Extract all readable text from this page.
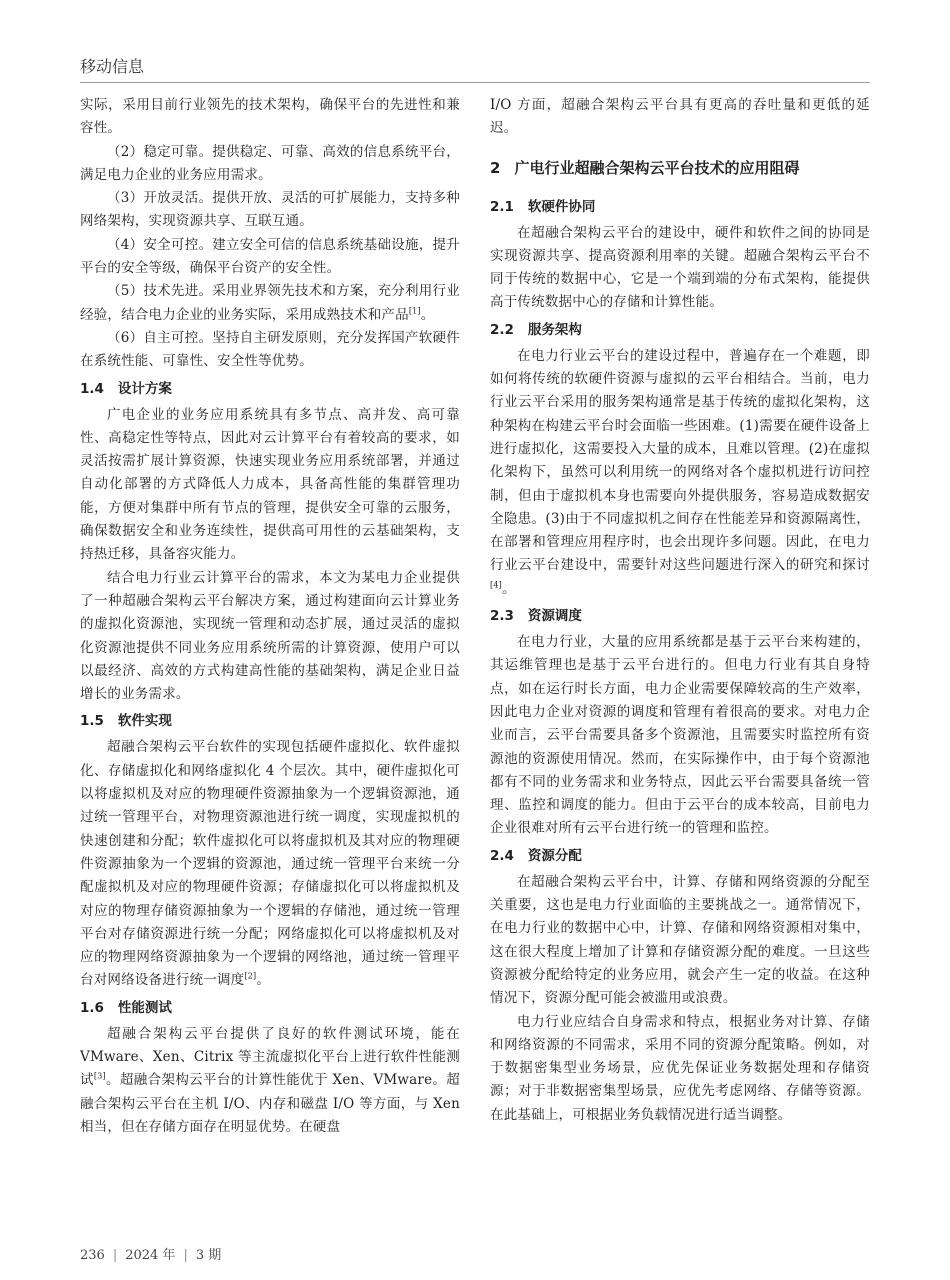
移动信息

实际，采用目前行业领先的技术架构，确保平台的先进性和兼容性。

（2）稳定可靠。提供稳定、可靠、高效的信息系统平台，满足电力企业的业务应用需求。

（3）开放灵活。提供开放、灵活的可扩展能力，支持多种网络架构，实现资源共享、互联互通。

（4）安全可控。建立安全可信的信息系统基础设施，提升平台的安全等级，确保平台资产的安全性。

（5）技术先进。采用业界领先技术和方案，充分利用行业经验，结合电力企业的业务实际，采用成熟技术和产品[1]。

（6）自主可控。坚持自主研发原则，充分发挥国产软硬件在系统性能、可靠性、安全性等优势。

1.4 设计方案

广电企业的业务应用系统具有多节点、高并发、高可靠性、高稳定性等特点，因此对云计算平台有着较高的要求，如灵活按需扩展计算资源，快速实现业务应用系统部署，并通过自动化部署的方式降低人力成本，具备高性能的集群管理功能，方便对集群中所有节点的管理，提供安全可靠的云服务，确保数据安全和业务连续性，提供高可用性的云基础架构，支持热迁移，具备容灾能力。

结合电力行业云计算平台的需求，本文为某电力企业提供了一种超融合架构云平台解决方案，通过构建面向云计算业务的虚拟化资源池，实现统一管理和动态扩展，通过灵活的虚拟化资源池提供不同业务应用系统所需的计算资源，使用户可以以最经济、高效的方式构建高性能的基础架构，满足企业日益增长的业务需求。

1.5 软件实现

超融合架构云平台软件的实现包括硬件虚拟化、软件虚拟化、存储虚拟化和网络虚拟化 4 个层次。其中，硬件虚拟化可以将虚拟机及对应的物理硬件资源抽象为一个逻辑资源池，通过统一管理平台，对物理资源池进行统一调度，实现虚拟机的快速创建和分配；软件虚拟化可以将虚拟机及其对应的物理硬件资源抽象为一个逻辑的资源池，通过统一管理平台来统一分配虚拟机及对应的物理硬件资源；存储虚拟化可以将虚拟机及对应的物理存储资源抽象为一个逻辑的存储池，通过统一管理平台对存储资源进行统一分配；网络虚拟化可以将虚拟机及对应的物理网络资源抽象为一个逻辑的网络池，通过统一管理平台对网络设备进行统一调度[2]。

1.6 性能测试

超融合架构云平台提供了良好的软件测试环境，能在 VMware、Xen、Citrix 等主流虚拟化平台上进行软件性能测试[3]。超融合架构云平台的计算性能优于 Xen、VMware。超融合架构云平台在主机 I/O、内存和磁盘 I/O 等方面，与 Xen 相当，但在存储方面存在明显优势。在硬盘

I/O 方面，超融合架构云平台具有更高的吞吐量和更低的延迟。

2 广电行业超融合架构云平台技术的应用阻碍
2.1 软硬件协同

在超融合架构云平台的建设中，硬件和软件之间的协同是实现资源共享、提高资源利用率的关键。超融合架构云平台不同于传统的数据中心，它是一个端到端的分布式架构，能提供高于传统数据中心的存储和计算性能。

2.2 服务架构

在电力行业云平台的建设过程中，普遍存在一个难题，即如何将传统的软硬件资源与虚拟的云平台相结合。当前，电力行业云平台采用的服务架构通常是基于传统的虚拟化架构，这种架构在构建云平台时会面临一些困难。(1)需要在硬件设备上进行虚拟化，这需要投入大量的成本，且难以管理。(2)在虚拟化架构下，虽然可以利用统一的网络对各个虚拟机进行访问控制，但由于虚拟机本身也需要向外提供服务，容易造成数据安全隐患。(3)由于不同虚拟机之间存在性能差异和资源隔离性，在部署和管理应用程序时，也会出现许多问题。因此，在电力行业云平台建设中，需要针对这些问题进行深入的研究和探讨[4]。

2.3 资源调度

在电力行业，大量的应用系统都是基于云平台来构建的，其运维管理也是基于云平台进行的。但电力行业有其自身特点，如在运行时长方面，电力企业需要保障较高的生产效率，因此电力企业对资源的调度和管理有着很高的要求。对电力企业而言，云平台需要具备多个资源池，且需要实时监控所有资源池的资源使用情况。然而，在实际操作中，由于每个资源池都有不同的业务需求和业务特点，因此云平台需要具备统一管理、监控和调度的能力。但由于云平台的成本较高，目前电力企业很难对所有云平台进行统一的管理和监控。

2.4 资源分配

在超融合架构云平台中，计算、存储和网络资源的分配至关重要，这也是电力行业面临的主要挑战之一。通常情况下，在电力行业的数据中心中，计算、存储和网络资源相对集中，这在很大程度上增加了计算和存储资源分配的难度。一旦这些资源被分配给特定的业务应用，就会产生一定的收益。在这种情况下，资源分配可能会被滥用或浪费。

电力行业应结合自身需求和特点，根据业务对计算、存储和网络资源的不同需求，采用不同的资源分配策略。例如，对于数据密集型业务场景，应优先保证业务数据处理和存储资源；对于非数据密集型场景，应优先考虑网络、存储等资源。在此基础上，可根据业务负载情况进行适当调整。

236 | 2024 年 | 3 期
